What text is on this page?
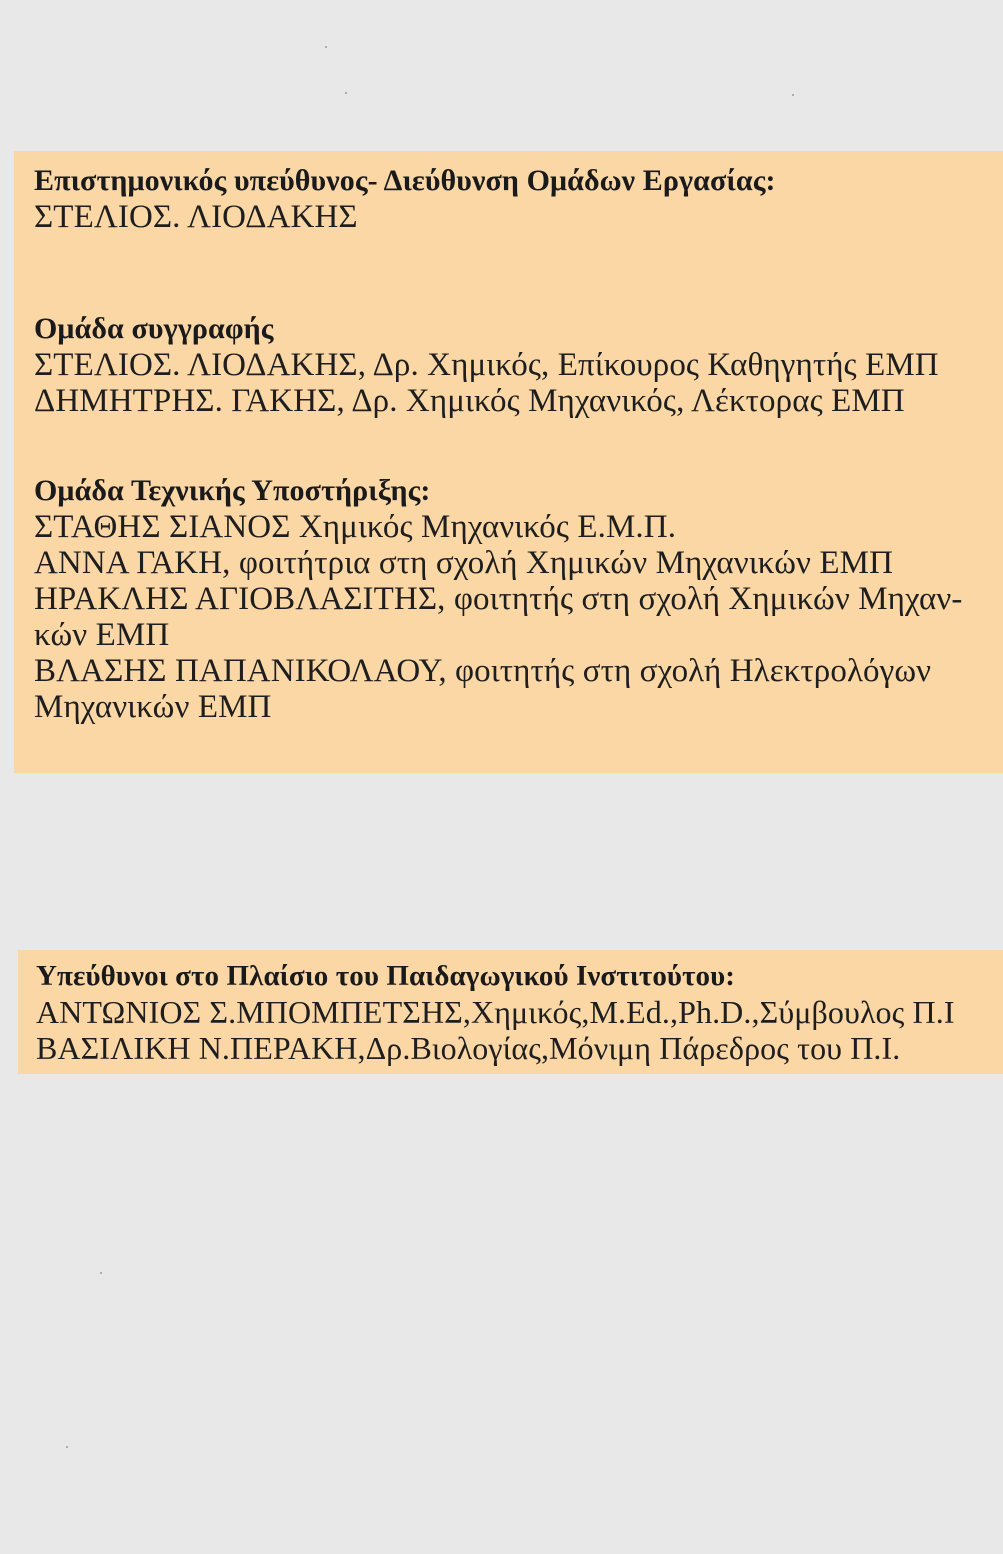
Επιστημονικός υπεύθυνος- Διεύθυνση Ομάδων Εργασίας:
ΣΤΕΛΙΟΣ. ΛΙΟΔΑΚΗΣ
Ομάδα συγγραφής
ΣΤΕΛΙΟΣ. ΛΙΟΔΑΚΗΣ, Δρ. Χημικός, Επίκουρος Καθηγητής ΕΜΠ
ΔΗΜΗΤΡΗΣ. ΓΑΚΗΣ, Δρ. Χημικός Μηχανικός, Λέκτορας ΕΜΠ
Ομάδα Τεχνικής Υποστήριξης:
ΣΤΑΘΗΣ ΣΙΑΝΟΣ Χημικός Μηχανικός Ε.Μ.Π.
ΑΝΝΑ ΓΑΚΗ, φοιτήτρια στη σχολή Χημικών Μηχανικών ΕΜΠ
ΗΡΑΚΛΗΣ ΑΓΙΟΒΛΑΣΙΤΗΣ, φοιτητής στη σχολή Χημικών Μηχαν-
κών ΕΜΠ
ΒΛΑΣΗΣ ΠΑΠΑΝΙΚΟΛΑΟΥ, φοιτητής στη σχολή Ηλεκτρολόγων
Μηχανικών ΕΜΠ
Υπεύθυνοι στο Πλαίσιο του Παιδαγωγικού Ινστιτούτου:
ΑΝΤΩΝΙΟΣ Σ.ΜΠΟΜΠΕΤΣΗΣ,Χημικός,M.Ed.,Ph.D.,Σύμβουλος Π.Ι
ΒΑΣΙΛΙΚΗ Ν.ΠΕΡΑΚΗ,Δρ.Βιολογίας,Μόνιμη Πάρεδρος του Π.Ι.
